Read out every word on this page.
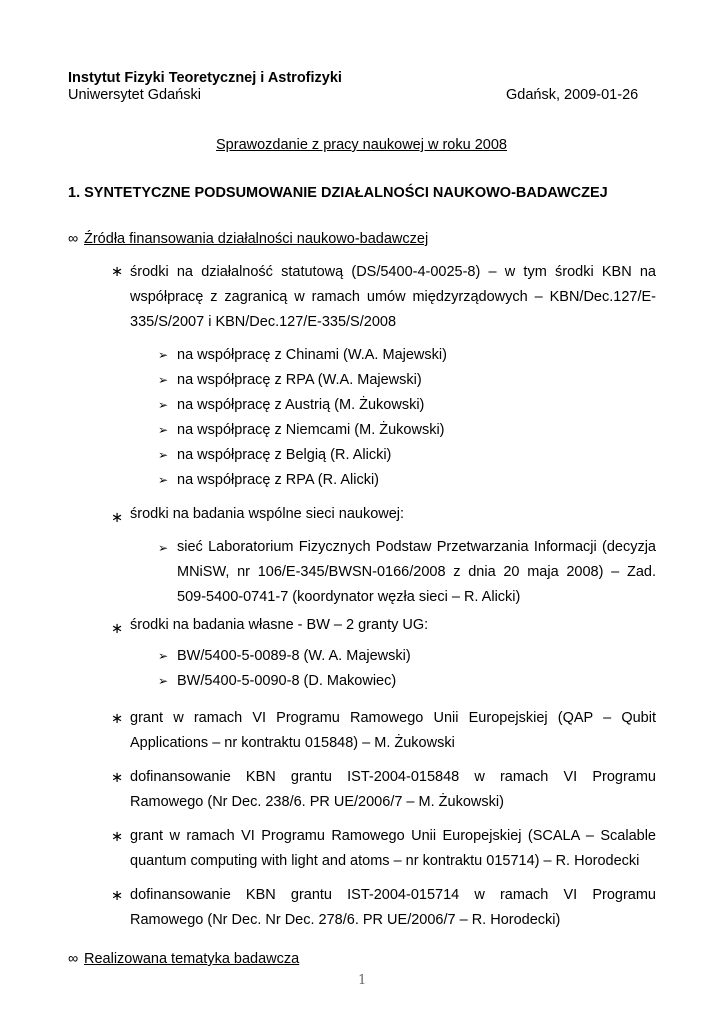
Instytut Fizyki Teoretycznej i Astrofizyki
Uniwersytet Gdański	Gdańsk, 2009-01-26
Sprawozdanie z pracy naukowej w roku 2008
1. SYNTETYCZNE PODSUMOWANIE DZIAŁALNOŚCI NAUKOWO-BADAWCZEJ
∞ Źródła finansowania działalności naukowo-badawczej
∗ środki na działalność statutową (DS/5400-4-0025-8) – w tym środki KBN na
współpracę z zagranicą w ramach umów międzyrządowych – KBN/Dec.127/E-
335/S/2007 i KBN/Dec.127/E-335/S/2008
➢ na współpracę z Chinami (W.A. Majewski)
➢ na współpracę z RPA (W.A. Majewski)
➢ na współpracę z Austrią (M. Żukowski)
➢ na współpracę z Niemcami (M. Żukowski)
➢ na współpracę z Belgią (R. Alicki)
➢ na współpracę z RPA (R. Alicki)
∗ środki na badania wspólne sieci naukowej:
➢ sieć Laboratorium Fizycznych Podstaw Przetwarzania Informacji (decyzja
MNiSW, nr 106/E-345/BWSN-0166/2008 z dnia 20 maja 2008) – Zad.
509-5400-0741-7 (koordynator węzła sieci – R. Alicki)
∗ środki na badania własne - BW – 2 granty UG:
➢ BW/5400-5-0089-8 (W. A. Majewski)
➢ BW/5400-5-0090-8 (D. Makowiec)
∗ grant w ramach VI Programu Ramowego Unii Europejskiej (QAP – Qubit
Applications – nr kontraktu 015848) – M. Żukowski
∗ dofinansowanie KBN grantu IST-2004-015848 w ramach VI Programu
Ramowego (Nr Dec. 238/6. PR UE/2006/7 – M. Żukowski)
∗ grant w ramach VI Programu Ramowego Unii Europejskiej (SCALA – Scalable
quantum computing with light and atoms – nr kontraktu 015714) – R. Horodecki
∗ dofinansowanie KBN grantu IST-2004-015714 w ramach VI Programu
Ramowego (Nr Dec. Nr Dec. 278/6. PR UE/2006/7 – R. Horodecki)
∞ Realizowana tematyka badawcza
1
